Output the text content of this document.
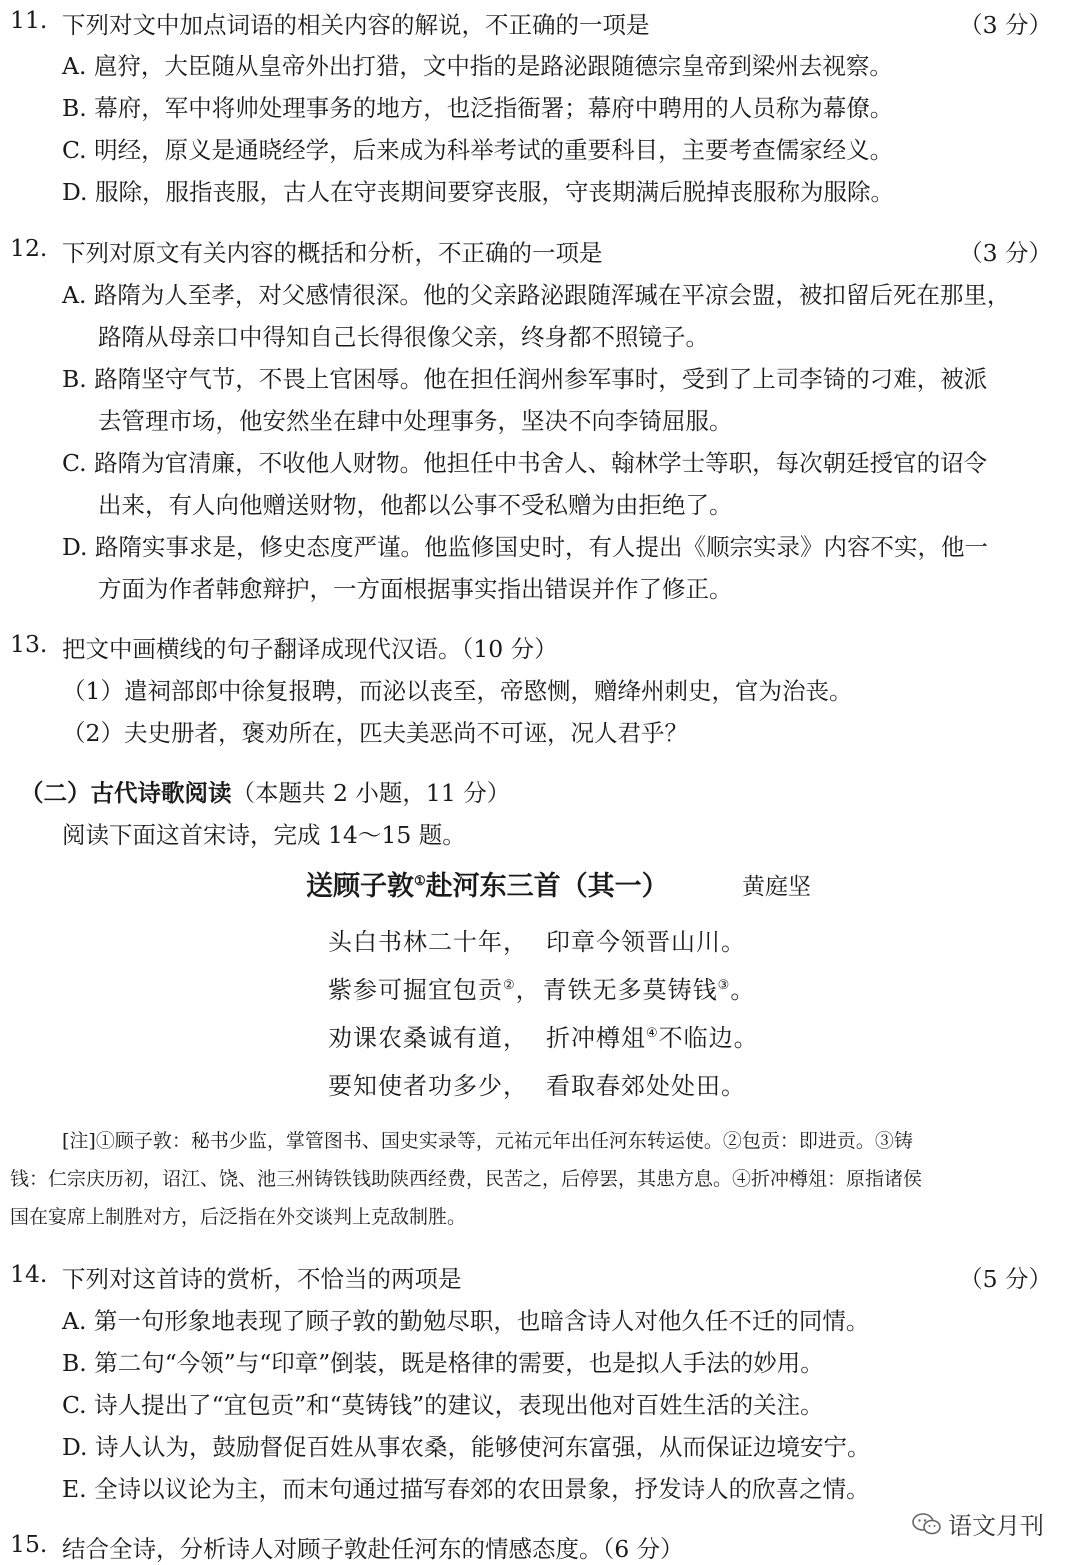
11. 下列对文中加点词语的相关内容的解说，不正确的一项是	（3 分）
A. 扈狩，大臣随从皇帝外出打猎，文中指的是路泌跟随德宗皇帝到梁州去视察。
B. 幕府，军中将帅处理事务的地方，也泛指衙署；幕府中聘用的人员称为幕僚。
C. 明经，原义是通晓经学，后来成为科举考试的重要科目，主要考查儒家经义。
D. 服除，服指丧服，古人在守丧期间要穿丧服，守丧期满后脱掉丧服称为服除。
12. 下列对原文有关内容的概括和分析，不正确的一项是	（3 分）
A. 路隋为人至孝，对父感情很深。他的父亲路泌跟随浑瑊在平凉会盟，被扣留后死在那里，
路隋从母亲口中得知自己长得很像父亲，终身都不照镜子。
B. 路隋坚守气节，不畏上官困辱。他在担任润州参军事时，受到了上司李锜的刁难，被派
去管理市场，他安然坐在肆中处理事务，坚决不向李锜屈服。
C. 路隋为官清廉，不收他人财物。他担任中书舍人、翰林学士等职，每次朝廷授官的诏令
出来，有人向他赠送财物，他都以公事不受私赠为由拒绝了。
D. 路隋实事求是，修史态度严谨。他监修国史时，有人提出《顺宗实录》内容不实，他一
方面为作者韩愈辩护，一方面根据事实指出错误并作了修正。
13. 把文中画横线的句子翻译成现代汉语。（10 分）
（1）遣祠部郎中徐复报聘，而泌以丧至，帝愍恻，赠绛州刺史，官为治丧。
（2）夫史册者，褒劝所在，匹夫美恶尚不可诬，况人君乎？
（二）古代诗歌阅读（本题共 2 小题，11 分）
阅读下面这首宋诗，完成 14～15 题。
送顾子敦①赴河东三首（其一）	黄庭坚
头白书林二十年， 印章今领晋山川。
紫参可掘宜包贡②，青铁无多莫铸钱③。
劝课农桑诚有道， 折冲樽俎④不临边。
要知使者功多少， 看取春郊处处田。
[注]①顾子敦：秘书少监，掌管图书、国史实录等，元祐元年出任河东转运使。②包贡：即进贡。③铸
钱：仁宗庆历初，诏江、饶、池三州铸铁钱助陕西经费，民苦之，后停罢，其患方息。④折冲樽俎：原指诸侯
国在宴席上制胜对方，后泛指在外交谈判上克敌制胜。
14. 下列对这首诗的赏析，不恰当的两项是	（5 分）
A. 第一句形象地表现了顾子敦的勤勉尽职，也暗含诗人对他久任不迁的同情。
B. 第二句“今领”与“印章”倒装，既是格律的需要，也是拟人手法的妙用。
C. 诗人提出了“宜包贡”和“莫铸钱”的建议，表现出他对百姓生活的关注。
D. 诗人认为，鼓励督促百姓从事农桑，能够使河东富强，从而保证边境安宁。
E. 全诗以议论为主，而末句通过描写春郊的农田景象，抒发诗人的欣喜之情。
语文月刊
15. 结合全诗，分析诗人对顾子敦赴任河东的情感态度。（6 分）
